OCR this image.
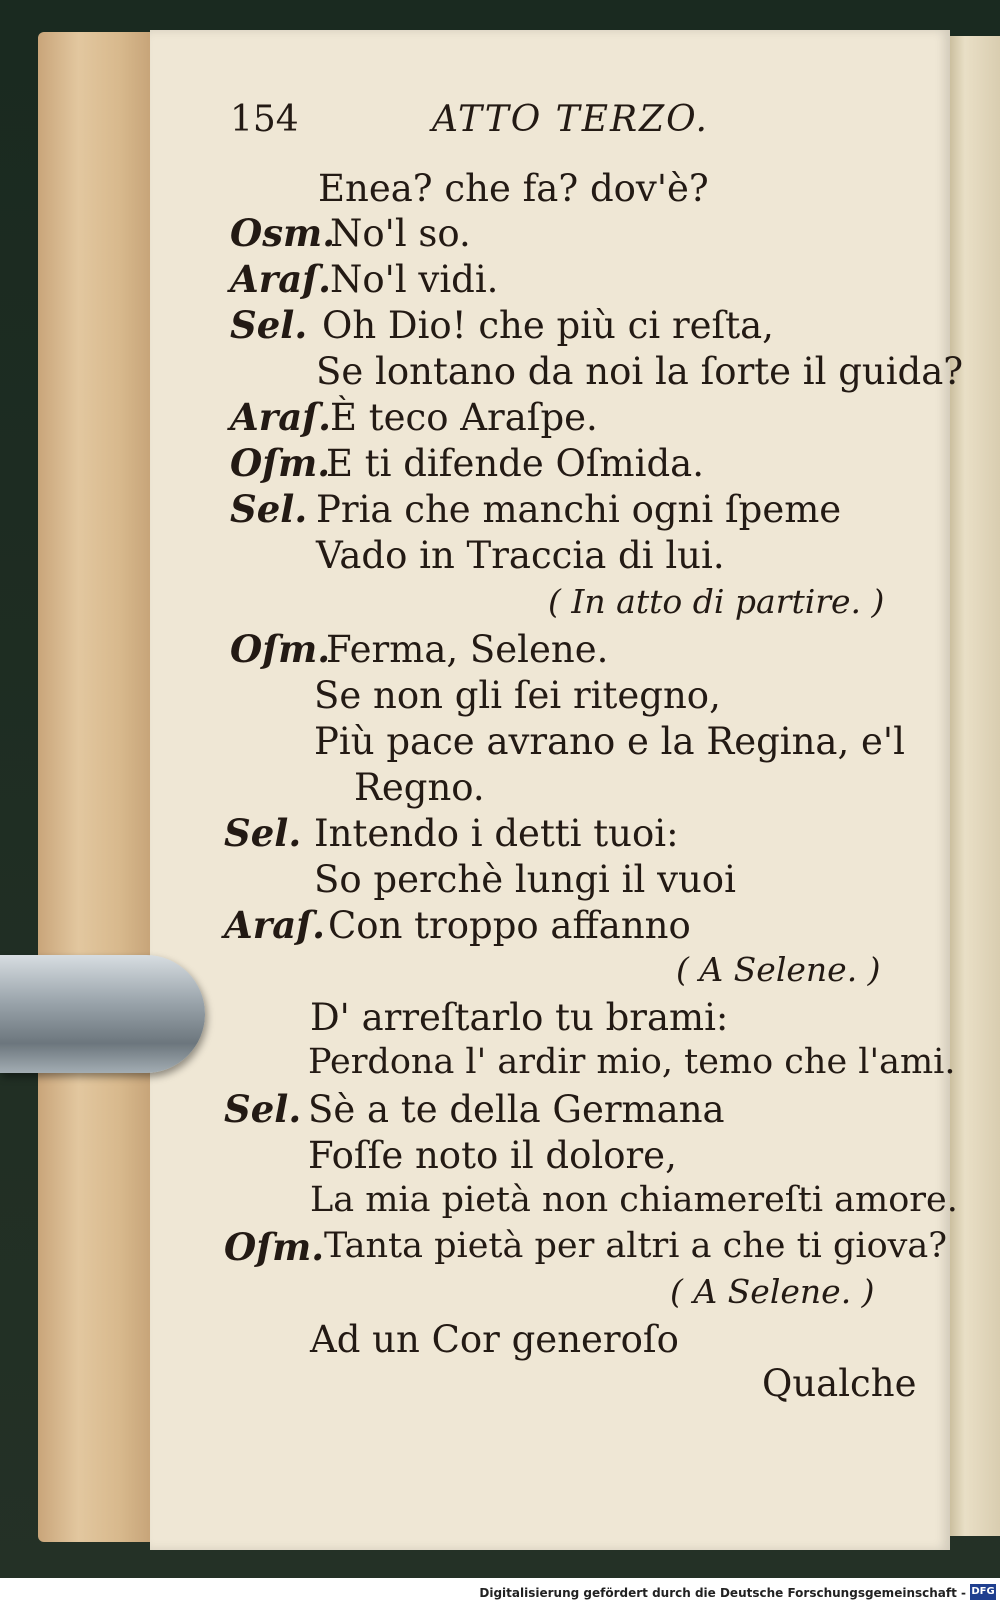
154	ATTO TERZO.
Enea? che fa? dov'è?
Osm.
No'l so.
Araſ. No'l vidi.
Sel. Oh Dio! che più ci reſta,
Se lontano da noi la ſorte il guida?
Araſ. È teco Araſpe.
Oſm.
E ti difende Oſmida.
Sel. Pria che manchi ogni ſpeme
Vado in Traccia di lui.
( In atto di partire. )
Oſm.
Ferma, Selene.
Se non gli ſei ritegno,
Più pace avrano e la Regina, e'l
Regno.
Sel. Intendo i detti tuoi:
So perchè lungi il vuoi
Araſ. Con troppo affanno
( A Selene. )
D' arreſtarlo tu brami:
Perdona l' ardir mio, temo che l'ami.
Sel. Sè a te della Germana
Foſſe noto il dolore,
La mia pietà non chiamereſti amore.
Oſm. Tanta pietà per altri a che ti giova?
( A Selene. )
Ad un Cor generoſo
Qualche
Digitalisierung gefördert durch die Deutsche Forschungsgemeinschaft - DFG
